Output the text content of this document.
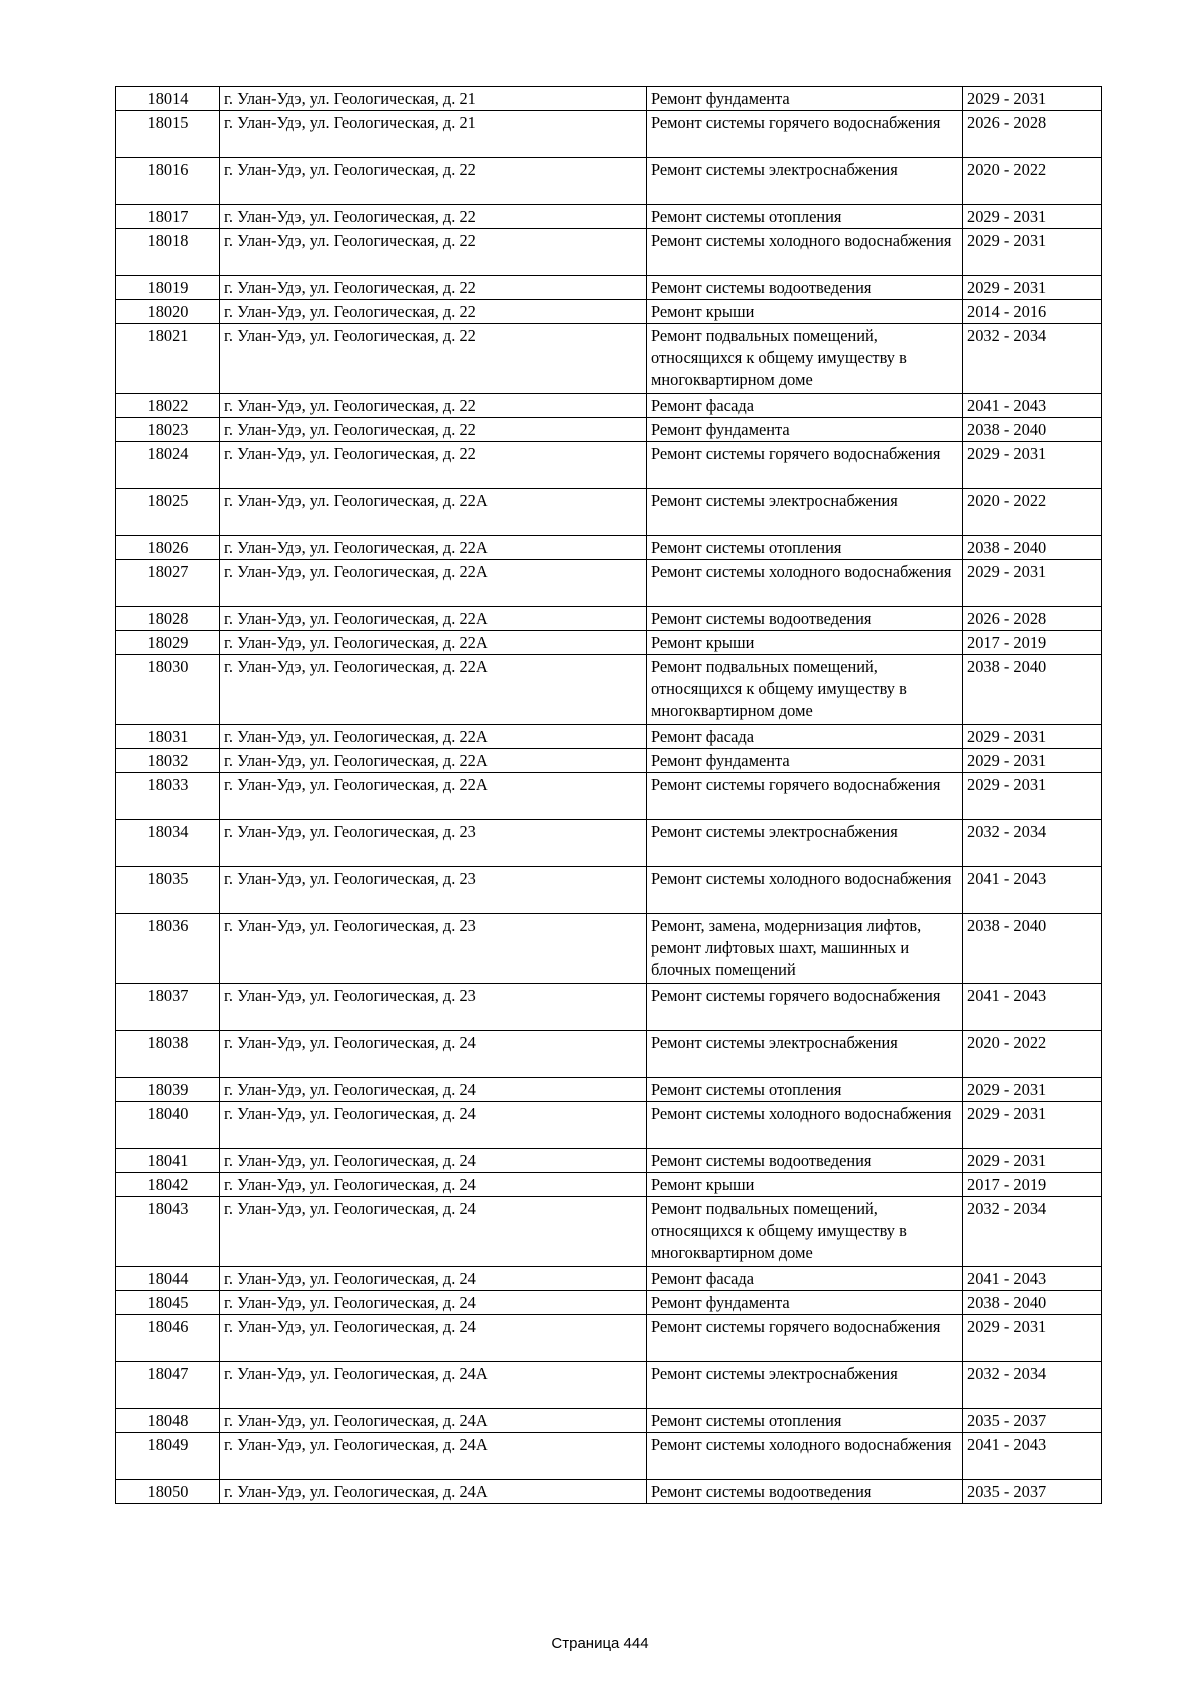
18014	г. Улан-Удэ, ул. Геологическая, д. 21	Ремонт фундамента	2029 - 2031
18015	г. Улан-Удэ, ул. Геологическая, д. 21	Ремонт системы горячего водоснабжения	2026 - 2028
18016	г. Улан-Удэ, ул. Геологическая, д. 22	Ремонт системы электроснабжения	2020 - 2022
18017	г. Улан-Удэ, ул. Геологическая, д. 22	Ремонт системы отопления	2029 - 2031
18018	г. Улан-Удэ, ул. Геологическая, д. 22	Ремонт системы холодного водоснабжения	2029 - 2031
18019	г. Улан-Удэ, ул. Геологическая, д. 22	Ремонт системы водоотведения	2029 - 2031
18020	г. Улан-Удэ, ул. Геологическая, д. 22	Ремонт крыши	2014 - 2016
18021	г. Улан-Удэ, ул. Геологическая, д. 22	Ремонт подвальных помещений, относящихся к общему имуществу в многоквартирном доме	2032 - 2034
18022	г. Улан-Удэ, ул. Геологическая, д. 22	Ремонт фасада	2041 - 2043
18023	г. Улан-Удэ, ул. Геологическая, д. 22	Ремонт фундамента	2038 - 2040
18024	г. Улан-Удэ, ул. Геологическая, д. 22	Ремонт системы горячего водоснабжения	2029 - 2031
18025	г. Улан-Удэ, ул. Геологическая, д. 22А	Ремонт системы электроснабжения	2020 - 2022
18026	г. Улан-Удэ, ул. Геологическая, д. 22А	Ремонт системы отопления	2038 - 2040
18027	г. Улан-Удэ, ул. Геологическая, д. 22А	Ремонт системы холодного водоснабжения	2029 - 2031
18028	г. Улан-Удэ, ул. Геологическая, д. 22А	Ремонт системы водоотведения	2026 - 2028
18029	г. Улан-Удэ, ул. Геологическая, д. 22А	Ремонт крыши	2017 - 2019
18030	г. Улан-Удэ, ул. Геологическая, д. 22А	Ремонт подвальных помещений, относящихся к общему имуществу в многоквартирном доме	2038 - 2040
18031	г. Улан-Удэ, ул. Геологическая, д. 22А	Ремонт фасада	2029 - 2031
18032	г. Улан-Удэ, ул. Геологическая, д. 22А	Ремонт фундамента	2029 - 2031
18033	г. Улан-Удэ, ул. Геологическая, д. 22А	Ремонт системы горячего водоснабжения	2029 - 2031
18034	г. Улан-Удэ, ул. Геологическая, д. 23	Ремонт системы электроснабжения	2032 - 2034
18035	г. Улан-Удэ, ул. Геологическая, д. 23	Ремонт системы холодного водоснабжения	2041 - 2043
18036	г. Улан-Удэ, ул. Геологическая, д. 23	Ремонт, замена, модернизация лифтов, ремонт лифтовых шахт, машинных и блочных помещений	2038 - 2040
18037	г. Улан-Удэ, ул. Геологическая, д. 23	Ремонт системы горячего водоснабжения	2041 - 2043
18038	г. Улан-Удэ, ул. Геологическая, д. 24	Ремонт системы электроснабжения	2020 - 2022
18039	г. Улан-Удэ, ул. Геологическая, д. 24	Ремонт системы отопления	2029 - 2031
18040	г. Улан-Удэ, ул. Геологическая, д. 24	Ремонт системы холодного водоснабжения	2029 - 2031
18041	г. Улан-Удэ, ул. Геологическая, д. 24	Ремонт системы водоотведения	2029 - 2031
18042	г. Улан-Удэ, ул. Геологическая, д. 24	Ремонт крыши	2017 - 2019
18043	г. Улан-Удэ, ул. Геологическая, д. 24	Ремонт подвальных помещений, относящихся к общему имуществу в многоквартирном доме	2032 - 2034
18044	г. Улан-Удэ, ул. Геологическая, д. 24	Ремонт фасада	2041 - 2043
18045	г. Улан-Удэ, ул. Геологическая, д. 24	Ремонт фундамента	2038 - 2040
18046	г. Улан-Удэ, ул. Геологическая, д. 24	Ремонт системы горячего водоснабжения	2029 - 2031
18047	г. Улан-Удэ, ул. Геологическая, д. 24А	Ремонт системы электроснабжения	2032 - 2034
18048	г. Улан-Удэ, ул. Геологическая, д. 24А	Ремонт системы отопления	2035 - 2037
18049	г. Улан-Удэ, ул. Геологическая, д. 24А	Ремонт системы холодного водоснабжения	2041 - 2043
18050	г. Улан-Удэ, ул. Геологическая, д. 24А	Ремонт системы водоотведения	2035 - 2037
Страница 444
